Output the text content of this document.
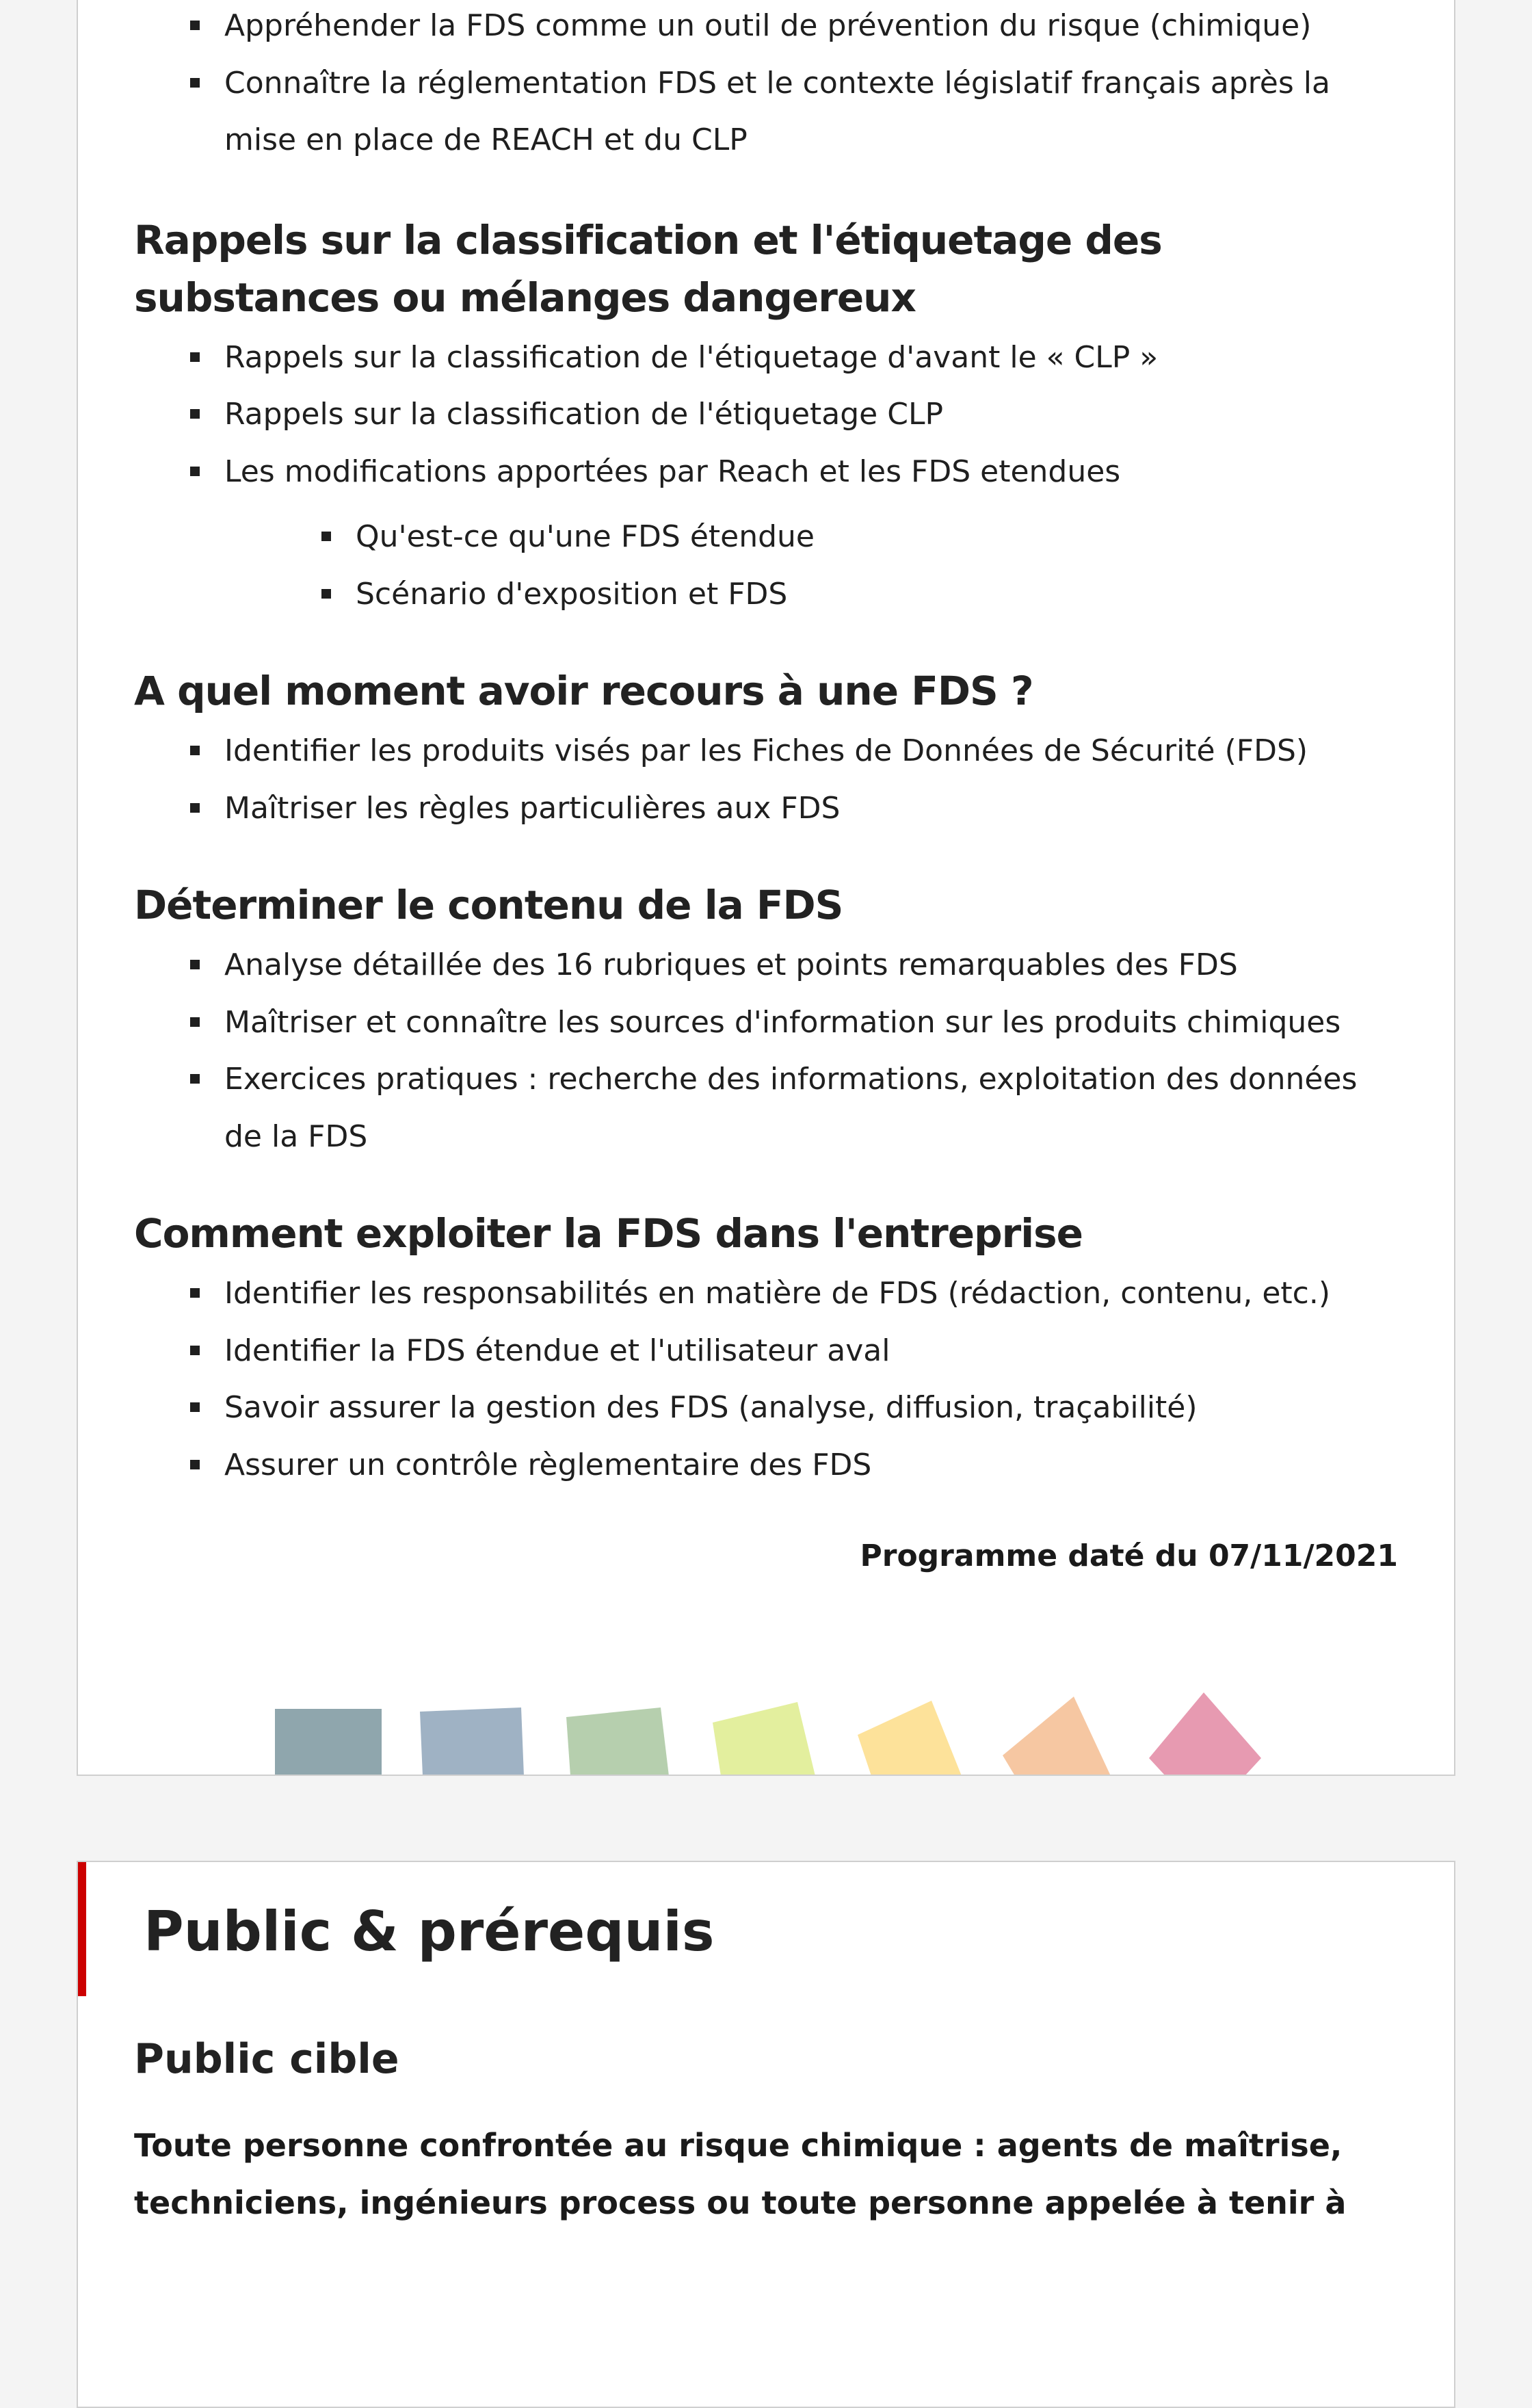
Appréhender la FDS comme un outil de prévention du risque (chimique)
Connaître la réglementation FDS et le contexte législatif français après la mise en place de REACH et du CLP
Rappels sur la classification et l'étiquetage des substances ou mélanges dangereux
Rappels sur la classification de l'étiquetage d'avant le « CLP »
Rappels sur la classification de l'étiquetage CLP
Les modifications apportées par Reach et les FDS etendues
Qu'est-ce qu'une FDS étendue
Scénario d'exposition et FDS
A quel moment avoir recours à une FDS ?
Identifier les produits visés par les Fiches de Données de Sécurité (FDS)
Maîtriser les règles particulières aux FDS
Déterminer le contenu de la FDS
Analyse détaillée des 16 rubriques et points remarquables des FDS
Maîtriser et connaître les sources d'information sur les produits chimiques
Exercices pratiques : recherche des informations, exploitation des données de la FDS
Comment exploiter la FDS dans l'entreprise
Identifier les responsabilités en matière de FDS (rédaction, contenu, etc.)
Identifier la FDS étendue et l'utilisateur aval
Savoir assurer la gestion des FDS (analyse, diffusion, traçabilité)
Assurer un contrôle règlementaire des FDS
Programme daté du 07/11/2021
Public & prérequis
Public cible
Toute personne confrontée au risque chimique : agents de maîtrise, techniciens, ingénieurs process ou toute personne appelée à tenir à
